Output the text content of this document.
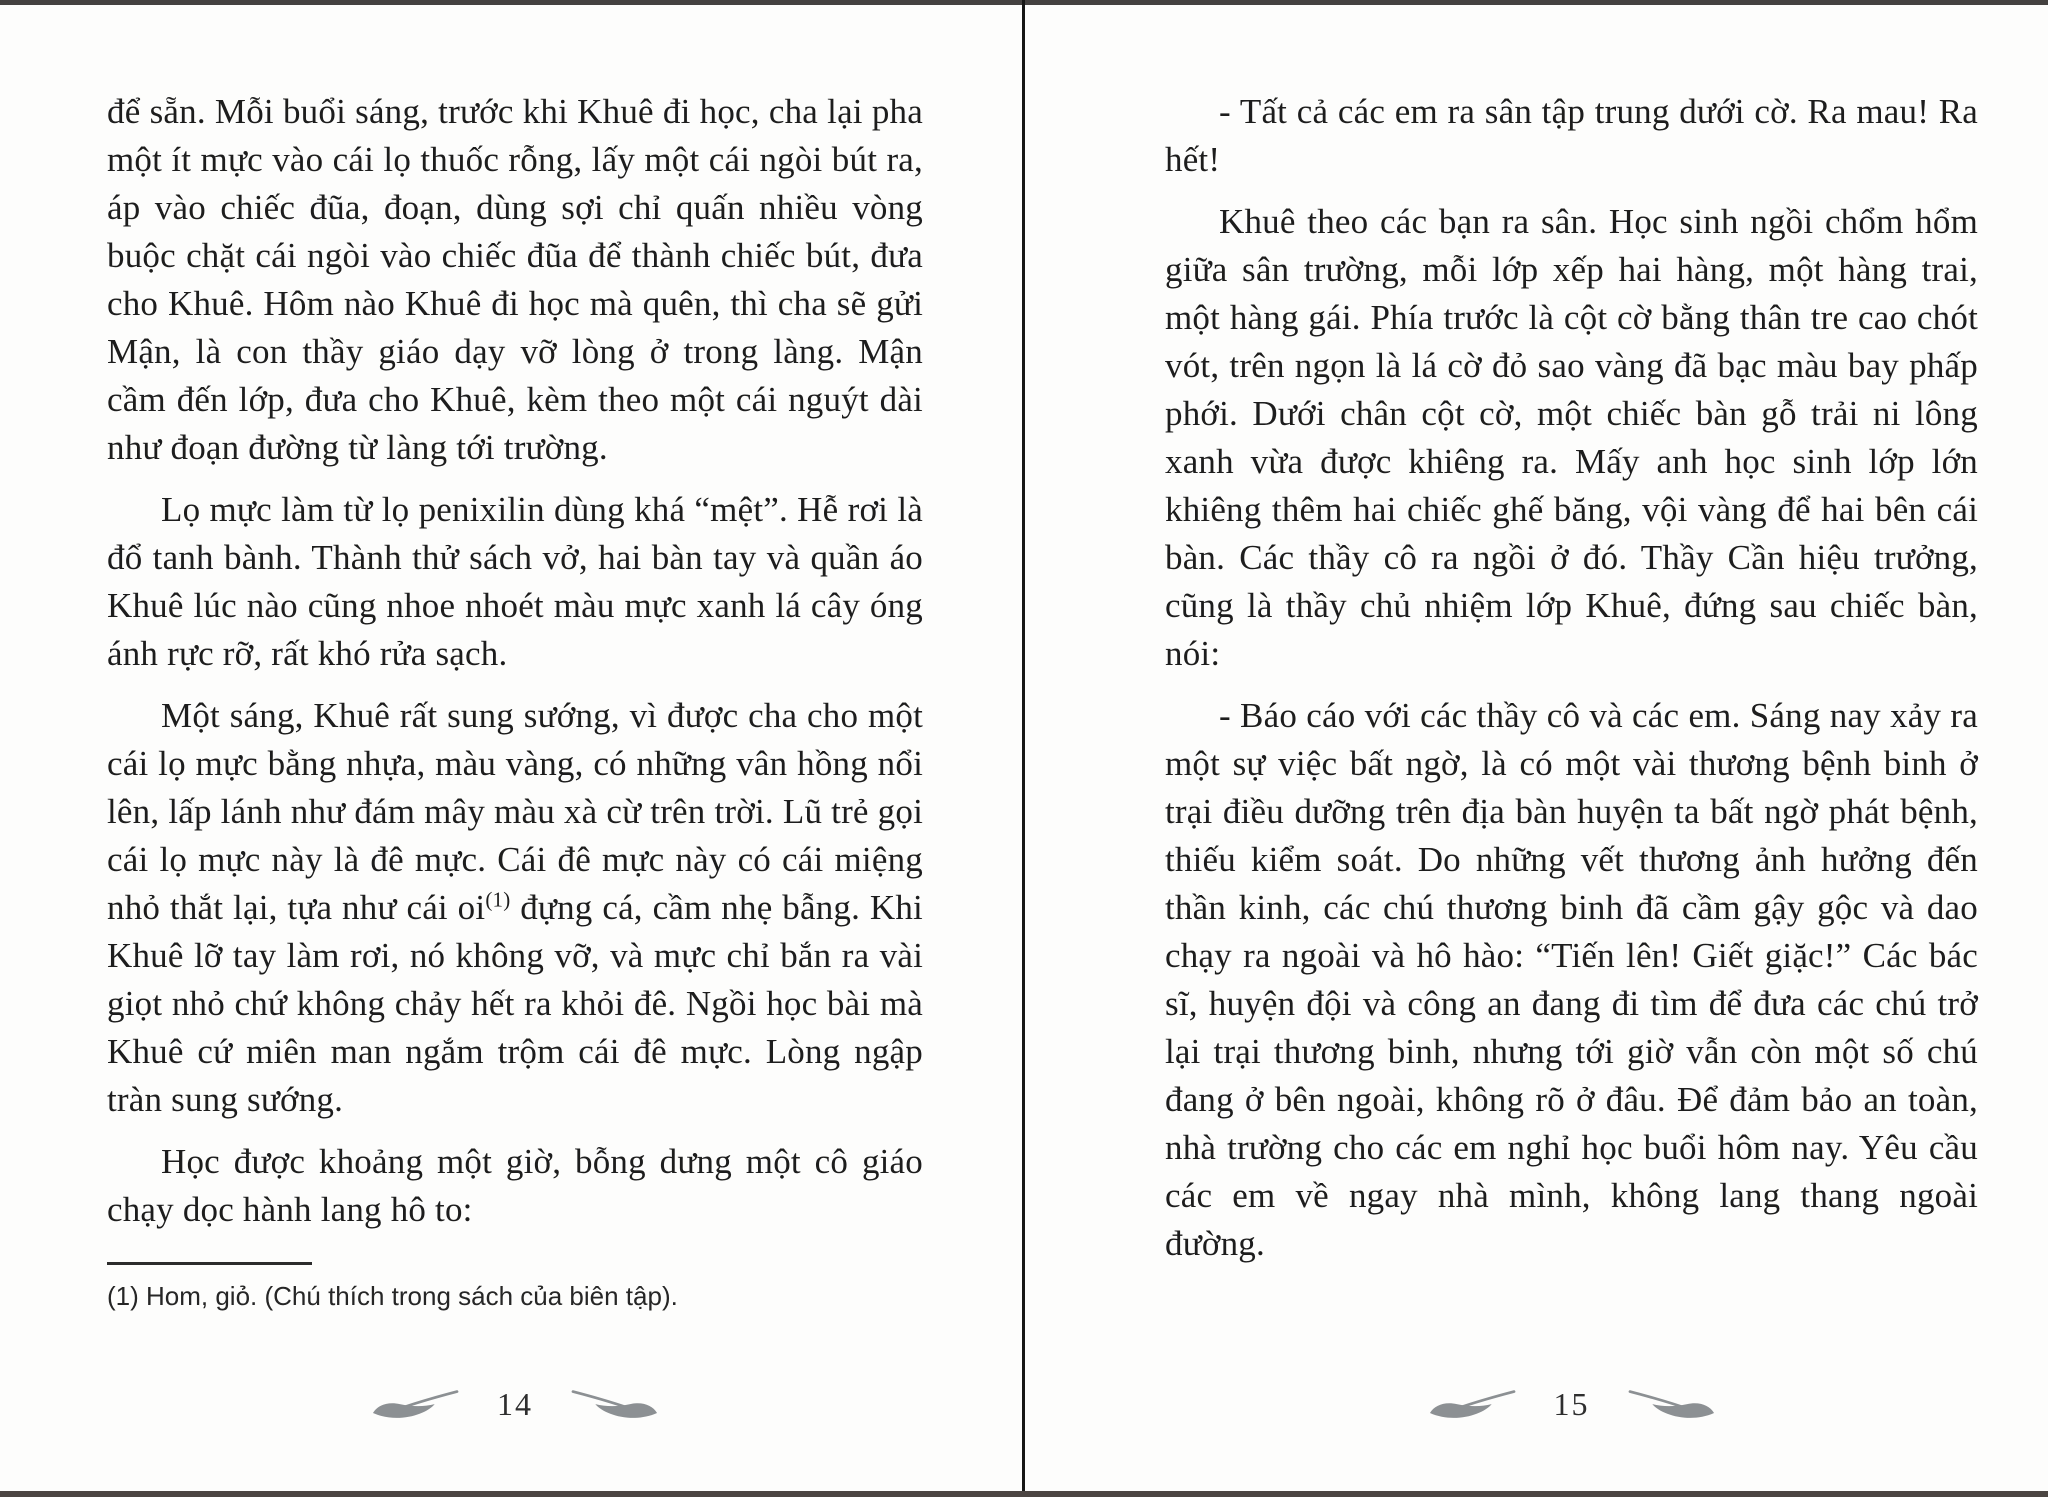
để sẵn. Mỗi buổi sáng, trước khi Khuê đi học, cha lại pha một ít mực vào cái lọ thuốc rỗng, lấy một cái ngòi bút ra, áp vào chiếc đũa, đoạn, dùng sợi chỉ quấn nhiều vòng buộc chặt cái ngòi vào chiếc đũa để thành chiếc bút, đưa cho Khuê. Hôm nào Khuê đi học mà quên, thì cha sẽ gửi Mận, là con thầy giáo dạy vỡ lòng ở trong làng. Mận cầm đến lớp, đưa cho Khuê, kèm theo một cái nguýt dài như đoạn đường từ làng tới trường.

Lọ mực làm từ lọ penixilin dùng khá “mệt”. Hễ rơi là đổ tanh bành. Thành thử sách vở, hai bàn tay và quần áo Khuê lúc nào cũng nhoe nhoét màu mực xanh lá cây óng ánh rực rỡ, rất khó rửa sạch.

Một sáng, Khuê rất sung sướng, vì được cha cho một cái lọ mực bằng nhựa, màu vàng, có những vân hồng nổi lên, lấp lánh như đám mây màu xà cừ trên trời. Lũ trẻ gọi cái lọ mực này là đê mực. Cái đê mực này có cái miệng nhỏ thắt lại, tựa như cái oi$^{(1)}$ đựng cá, cầm nhẹ bẫng. Khi Khuê lỡ tay làm rơi, nó không vỡ, và mực chỉ bắn ra vài giọt nhỏ chứ không chảy hết ra khỏi đê. Ngồi học bài mà Khuê cứ miên man ngắm trộm cái đê mực. Lòng ngập tràn sung sướng.

Học được khoảng một giờ, bỗng dưng một cô giáo chạy dọc hành lang hô to:

(1) Hom, giỏ. (Chú thích trong sách của biên tập).
14

- Tất cả các em ra sân tập trung dưới cờ. Ra mau! Ra hết!

Khuê theo các bạn ra sân. Học sinh ngồi chổm hổm giữa sân trường, mỗi lớp xếp hai hàng, một hàng trai, một hàng gái. Phía trước là cột cờ bằng thân tre cao chót vót, trên ngọn là lá cờ đỏ sao vàng đã bạc màu bay phấp phới. Dưới chân cột cờ, một chiếc bàn gỗ trải ni lông xanh vừa được khiêng ra. Mấy anh học sinh lớp lớn khiêng thêm hai chiếc ghế băng, vội vàng để hai bên cái bàn. Các thầy cô ra ngồi ở đó. Thầy Cần hiệu trưởng, cũng là thầy chủ nhiệm lớp Khuê, đứng sau chiếc bàn, nói:

- Báo cáo với các thầy cô và các em. Sáng nay xảy ra một sự việc bất ngờ, là có một vài thương bệnh binh ở trại điều dưỡng trên địa bàn huyện ta bất ngờ phát bệnh, thiếu kiểm soát. Do những vết thương ảnh hưởng đến thần kinh, các chú thương binh đã cầm gậy gộc và dao chạy ra ngoài và hô hào: “Tiến lên! Giết giặc!” Các bác sĩ, huyện đội và công an đang đi tìm để đưa các chú trở lại trại thương binh, nhưng tới giờ vẫn còn một số chú đang ở bên ngoài, không rõ ở đâu. Để đảm bảo an toàn, nhà trường cho các em nghỉ học buổi hôm nay. Yêu cầu các em về ngay nhà mình, không lang thang ngoài đường.

15
